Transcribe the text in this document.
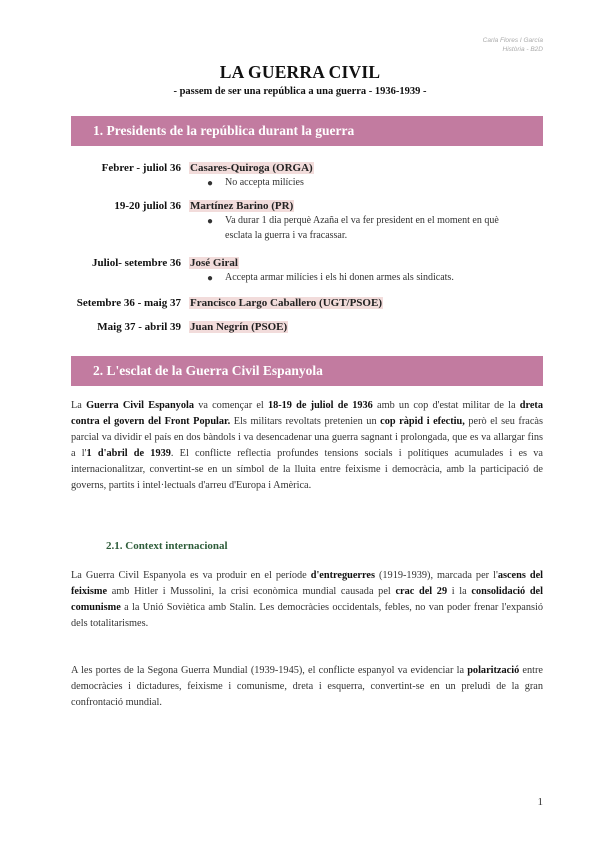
Carla Flores I García
Història - B2D
LA GUERRA CIVIL
- passem de ser una república a una guerra - 1936-1939 -
1. Presidents de la república durant la guerra
Febrer - juliol 36 Casares-Quiroga (ORGA)
● No accepta milícies
19-20 juliol 36 Martínez Barino (PR)
● Va durar 1 dia perquè Azaña el va fer president en el moment en què esclata la guerra i va fracassar.
Juliol- setembre 36 José Giral
● Accepta armar milícies i els hi donen armes als sindicats.
Setembre 36 - maig 37 Francisco Largo Caballero (UGT/PSOE)
Maig 37 - abril 39 Juan Negrín (PSOE)
2. L'esclat de la Guerra Civil Espanyola
La Guerra Civil Espanyola va començar el 18-19 de juliol de 1936 amb un cop d'estat militar de la dreta contra el govern del Front Popular. Els militars revoltats pretenien un cop ràpid i efectiu, però el seu fracàs parcial va dividir el país en dos bàndols i va desencadenar una guerra sagnant i prolongada, que es va allargar fins a l'1 d'abril de 1939. El conflicte reflectia profundes tensions socials i polítiques acumulades i es va internacionalitzar, convertint-se en un símbol de la lluita entre feixisme i democràcia, amb la participació de governs, partits i intel·lectuals d'arreu d'Europa i Amèrica.
2.1. Context internacional
La Guerra Civil Espanyola es va produir en el període d'entreguerres (1919-1939), marcada per l'ascens del feixisme amb Hitler i Mussolini, la crisi econòmica mundial causada pel crac del 29 i la consolidació del comunisme a la Unió Soviètica amb Stalin. Les democràcies occidentals, febles, no van poder frenar l'expansió dels totalitarismes.
A les portes de la Segona Guerra Mundial (1939-1945), el conflicte espanyol va evidenciar la polarització entre democràcies i dictadures, feixisme i comunisme, dreta i esquerra, convertint-se en un preludi de la gran confrontació mundial.
1
